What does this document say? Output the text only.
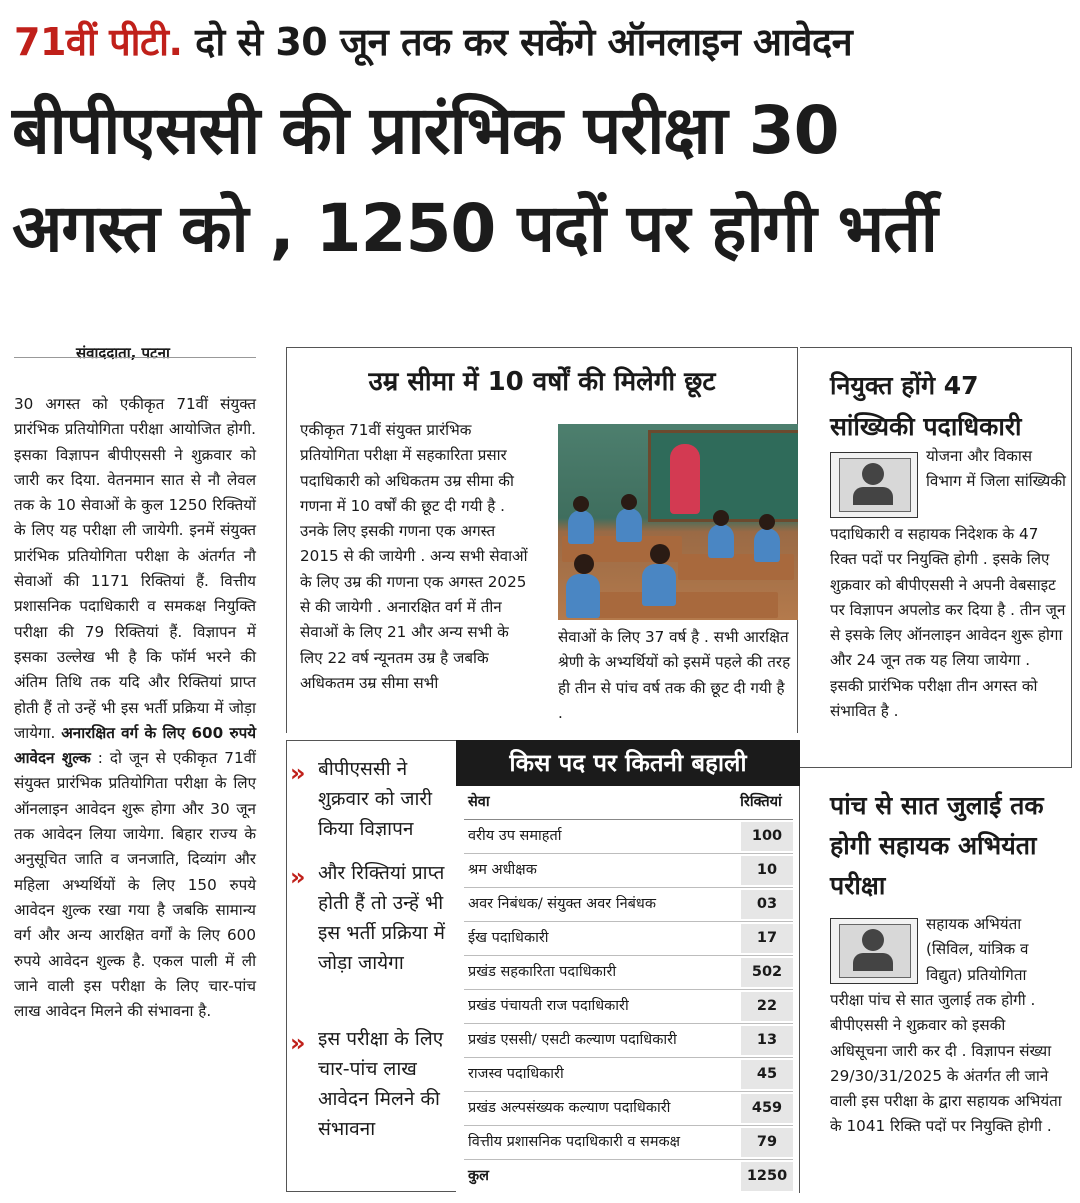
71वीं पीटी. दो से 30 जून तक कर सकेंगे ऑनलाइन आवेदन
बीपीएससी की प्रारंभिक परीक्षा 30
अगस्त को , 1250 पदों पर होगी भर्ती
संवाददाता, पटना
30 अगस्त को एकीकृत 71वीं संयुक्त प्रारंभिक प्रतियोगिता परीक्षा आयोजित होगी. इसका विज्ञापन बीपीएससी ने शुक्रवार को जारी कर दिया. वेतनमान सात से नौ लेवल तक के 10 सेवाओं के कुल 1250 रिक्तियों के लिए यह परीक्षा ली जायेगी. इनमें संयुक्त प्रारंभिक प्रतियोगिता परीक्षा के अंतर्गत नौ सेवाओं की 1171 रिक्तियां हैं. वित्तीय प्रशासनिक पदाधिकारी व समकक्ष नियुक्ति परीक्षा की 79 रिक्तियां हैं. विज्ञापन में इसका उल्लेख भी है कि फॉर्म भरने की अंतिम तिथि तक यदि और रिक्तियां प्राप्त होती हैं तो उन्हें भी इस भर्ती प्रक्रिया में जोड़ा जायेगा. अनारक्षित वर्ग के लिए 600 रुपये आवेदन शुल्क : दो जून से एकीकृत 71वीं संयुक्त प्रारंभिक प्रतियोगिता परीक्षा के लिए ऑनलाइन आवेदन शुरू होगा और 30 जून तक आवेदन लिया जायेगा. बिहार राज्य के अनुसूचित जाति व जनजाति, दिव्यांग और महिला अभ्यर्थियों के लिए 150 रुपये आवेदन शुल्क रखा गया है जबकि सामान्य वर्ग और अन्य आरक्षित वर्गों के लिए 600 रुपये आवेदन शुल्क है. एकल पाली में ली जाने वाली इस परीक्षा के लिए चार-पांच लाख आवेदन मिलने की संभावना है.
उम्र सीमा में 10 वर्षों की मिलेगी छूट
एकीकृत 71वीं संयुक्त प्रारंभिक प्रतियोगिता परीक्षा में सहकारिता प्रसार पदाधिकारी को अधिकतम उम्र सीमा की गणना में 10 वर्षों की छूट दी गयी है . उनके लिए इसकी गणना एक अगस्त 2015 से की जायेगी . अन्य सभी सेवाओं के लिए उम्र की गणना एक अगस्त 2025 से की जायेगी . अनारक्षित वर्ग में तीन सेवाओं के लिए 21 और अन्य सभी के लिए 22 वर्ष न्यूनतम उम्र है जबकि अधिकतम उम्र सीमा सभी
सेवाओं के लिए 37 वर्ष है . सभी आरक्षित श्रेणी के अभ्यर्थियों को इसमें पहले की तरह ही तीन से पांच वर्ष तक की छूट दी गयी है .
नियुक्त होंगे 47 सांख्यिकी पदाधिकारी
योजना और विकास विभाग में जिला सांख्यिकी
पदाधिकारी व सहायक निदेशक के 47 रिक्त पदों पर नियुक्ति होगी . इसके लिए शुक्रवार को बीपीएससी ने अपनी वेबसाइट पर विज्ञापन अपलोड कर दिया है . तीन जून से इसके लिए ऑनलाइन आवेदन शुरू होगा और 24 जून तक यह लिया जायेगा . इसकी प्रारंभिक परीक्षा तीन अगस्त को संभावित है .
पांच से सात जुलाई तक होगी सहायक अभियंता परीक्षा
सहायक अभियंता (सिविल, यांत्रिक व विद्युत) प्रतियोगिता
परीक्षा पांच से सात जुलाई तक होगी . बीपीएससी ने शुक्रवार को इसकी अधिसूचना जारी कर दी . विज्ञापन संख्या 29/30/31/2025 के अंतर्गत ली जाने वाली इस परीक्षा के द्वारा सहायक अभियंता के 1041 रिक्ति पदों पर नियुक्ति होगी .
» बीपीएससी ने शुक्रवार को जारी किया विज्ञापन
» और रिक्तियां प्राप्त होती हैं तो उन्हें भी इस भर्ती प्रक्रिया में जोड़ा जायेगा
» इस परीक्षा के लिए चार-पांच लाख आवेदन मिलने की संभावना
किस पद पर कितनी बहाली
सेवा	रिक्तियां
वरीय उप समाहर्ता	100
श्रम अधीक्षक	10
अवर निबंधक/ संयुक्त अवर निबंधक	03
ईख पदाधिकारी	17
प्रखंड सहकारिता पदाधिकारी	502
प्रखंड पंचायती राज पदाधिकारी	22
प्रखंड एससी/ एसटी कल्याण पदाधिकारी	13
राजस्व पदाधिकारी	45
प्रखंड अल्पसंख्यक कल्याण पदाधिकारी	459
वित्तीय प्रशासनिक पदाधिकारी व समकक्ष	79
कुल	1250
